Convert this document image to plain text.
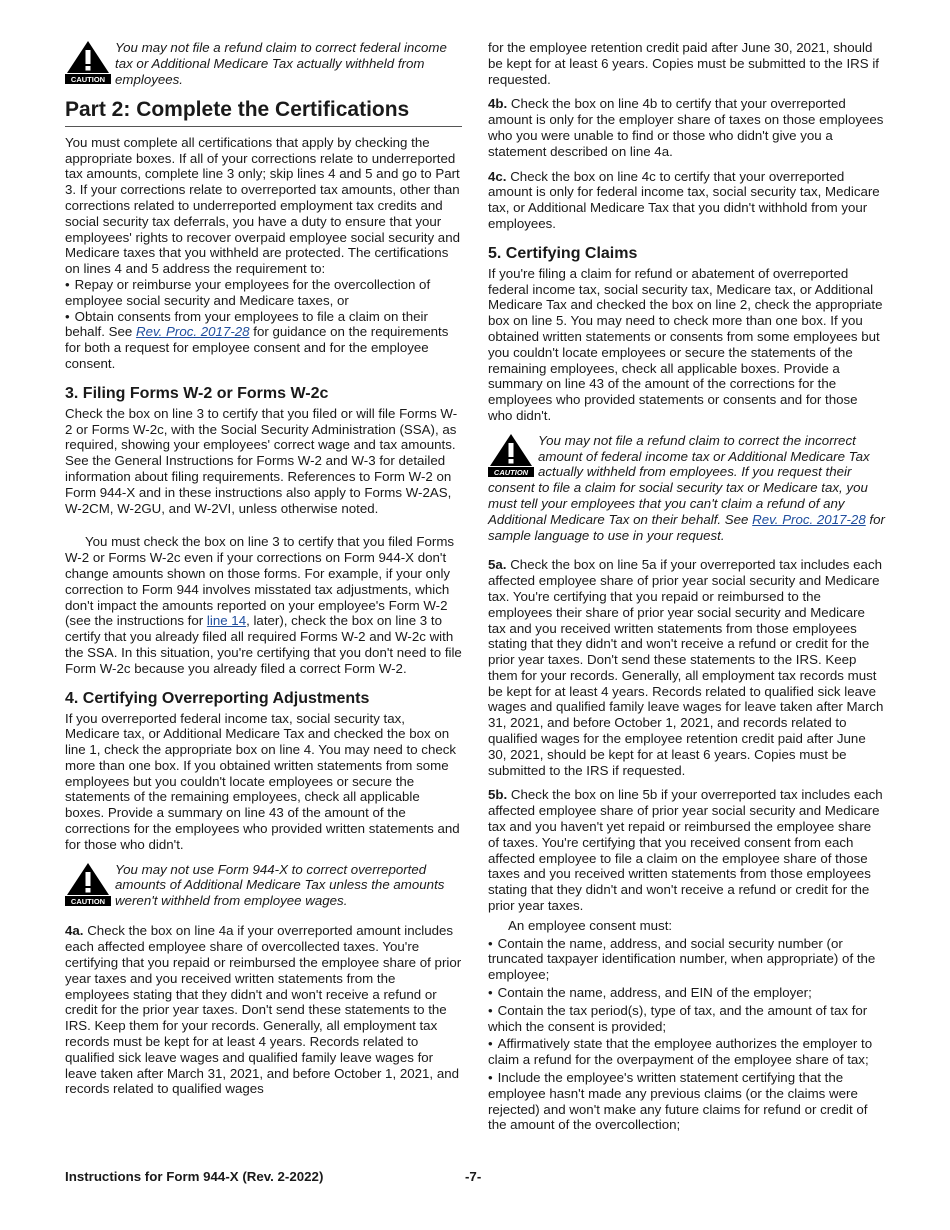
CAUTION
You may not file a refund claim to correct federal income tax or Additional Medicare Tax actually withheld from employees.
Part 2: Complete the Certifications

You must complete all certifications that apply by checking the appropriate boxes. If all of your corrections relate to underreported tax amounts, complete line 3 only; skip lines 4 and 5 and go to Part 3. If your corrections relate to overreported tax amounts, other than corrections related to underreported employment tax credits and social security tax deferrals, you have a duty to ensure that your employees' rights to recover overpaid employee social security and Medicare taxes that you withheld are protected. The certifications on lines 4 and 5 address the requirement to:

• Repay or reimburse your employees for the overcollection of employee social security and Medicare taxes, or

• Obtain consents from your employees to file a claim on their behalf. See Rev. Proc. 2017-28 for guidance on the requirements for both a request for employee consent and for the employee consent.

3. Filing Forms W-2 or Forms W-2c

Check the box on line 3 to certify that you filed or will file Forms W-2 or Forms W-2c, with the Social Security Administration (SSA), as required, showing your employees' correct wage and tax amounts. See the General Instructions for Forms W-2 and W-3 for detailed information about filing requirements. References to Form W-2 on Form 944-X and in these instructions also apply to Forms W-2AS, W-2CM, W-2GU, and W-2VI, unless otherwise noted.

You must check the box on line 3 to certify that you filed Forms W-2 or Forms W-2c even if your corrections on Form 944-X don't change amounts shown on those forms. For example, if your only correction to Form 944 involves misstated tax adjustments, which don't impact the amounts reported on your employee's Form W-2 (see the instructions for line 14, later), check the box on line 3 to certify that you already filed all required Forms W-2 and W-2c with the SSA. In this situation, you're certifying that you don't need to file Form W-2c because you already filed a correct Form W-2.

4. Certifying Overreporting Adjustments

If you overreported federal income tax, social security tax, Medicare tax, or Additional Medicare Tax and checked the box on line 1, check the appropriate box on line 4. You may need to check more than one box. If you obtained written statements from some employees but you couldn't locate employees or secure the statements of the remaining employees, check all applicable boxes. Provide a summary on line 43 of the amount of the corrections for the employees who provided written statements and for those who didn't.

CAUTION
You may not use Form 944-X to correct overreported amounts of Additional Medicare Tax unless the amounts weren't withheld from employee wages.

4a. Check the box on line 4a if your overreported amount includes each affected employee share of overcollected taxes. You're certifying that you repaid or reimbursed the employee share of prior year taxes and you received written statements from the employees stating that they didn't and won't receive a refund or credit for the prior year taxes. Don't send these statements to the IRS. Keep them for your records. Generally, all employment tax records must be kept for at least 4 years. Records related to qualified sick leave wages and qualified family leave wages for leave taken after March 31, 2021, and before October 1, 2021, and records related to qualified wages

for the employee retention credit paid after June 30, 2021, should be kept for at least 6 years. Copies must be submitted to the IRS if requested.

4b. Check the box on line 4b to certify that your overreported amount is only for the employer share of taxes on those employees who you were unable to find or those who didn't give you a statement described on line 4a.

4c. Check the box on line 4c to certify that your overreported amount is only for federal income tax, social security tax, Medicare tax, or Additional Medicare Tax that you didn't withhold from your employees.

5. Certifying Claims

If you're filing a claim for refund or abatement of overreported federal income tax, social security tax, Medicare tax, or Additional Medicare Tax and checked the box on line 2, check the appropriate box on line 5. You may need to check more than one box. If you obtained written statements or consents from some employees but you couldn't locate employees or secure the statements of the remaining employees, check all applicable boxes. Provide a summary on line 43 of the amount of the corrections for the employees who provided statements or consents and for those who didn't.

CAUTION
You may not file a refund claim to correct the incorrect amount of federal income tax or Additional Medicare Tax actually withheld from employees. If you request their consent to file a claim for social security tax or Medicare tax, you must tell your employees that you can't claim a refund of any Additional Medicare Tax on their behalf. See Rev. Proc. 2017-28 for sample language to use in your request.

5a. Check the box on line 5a if your overreported tax includes each affected employee share of prior year social security and Medicare tax. You're certifying that you repaid or reimbursed to the employees their share of prior year social security and Medicare tax and you received written statements from those employees stating that they didn't and won't receive a refund or credit for the prior year taxes. Don't send these statements to the IRS. Keep them for your records. Generally, all employment tax records must be kept for at least 4 years. Records related to qualified sick leave wages and qualified family leave wages for leave taken after March 31, 2021, and before October 1, 2021, and records related to qualified wages for the employee retention credit paid after June 30, 2021, should be kept for at least 6 years. Copies must be submitted to the IRS if requested.

5b. Check the box on line 5b if your overreported tax includes each affected employee share of prior year social security and Medicare tax and you haven't yet repaid or reimbursed the employee share of taxes. You're certifying that you received consent from each affected employee to file a claim on the employee share of those taxes and you received written statements from those employees stating that they didn't and won't receive a refund or credit for the prior year taxes.

An employee consent must:

• Contain the name, address, and social security number (or truncated taxpayer identification number, when appropriate) of the employee;

• Contain the name, address, and EIN of the employer;

• Contain the tax period(s), type of tax, and the amount of tax for which the consent is provided;

• Affirmatively state that the employee authorizes the employer to claim a refund for the overpayment of the employee share of tax;

• Include the employee's written statement certifying that the employee hasn't made any previous claims (or the claims were rejected) and won't make any future claims for refund or credit of the amount of the overcollection;

Instructions for Form 944-X (Rev. 2-2022)	-7-
